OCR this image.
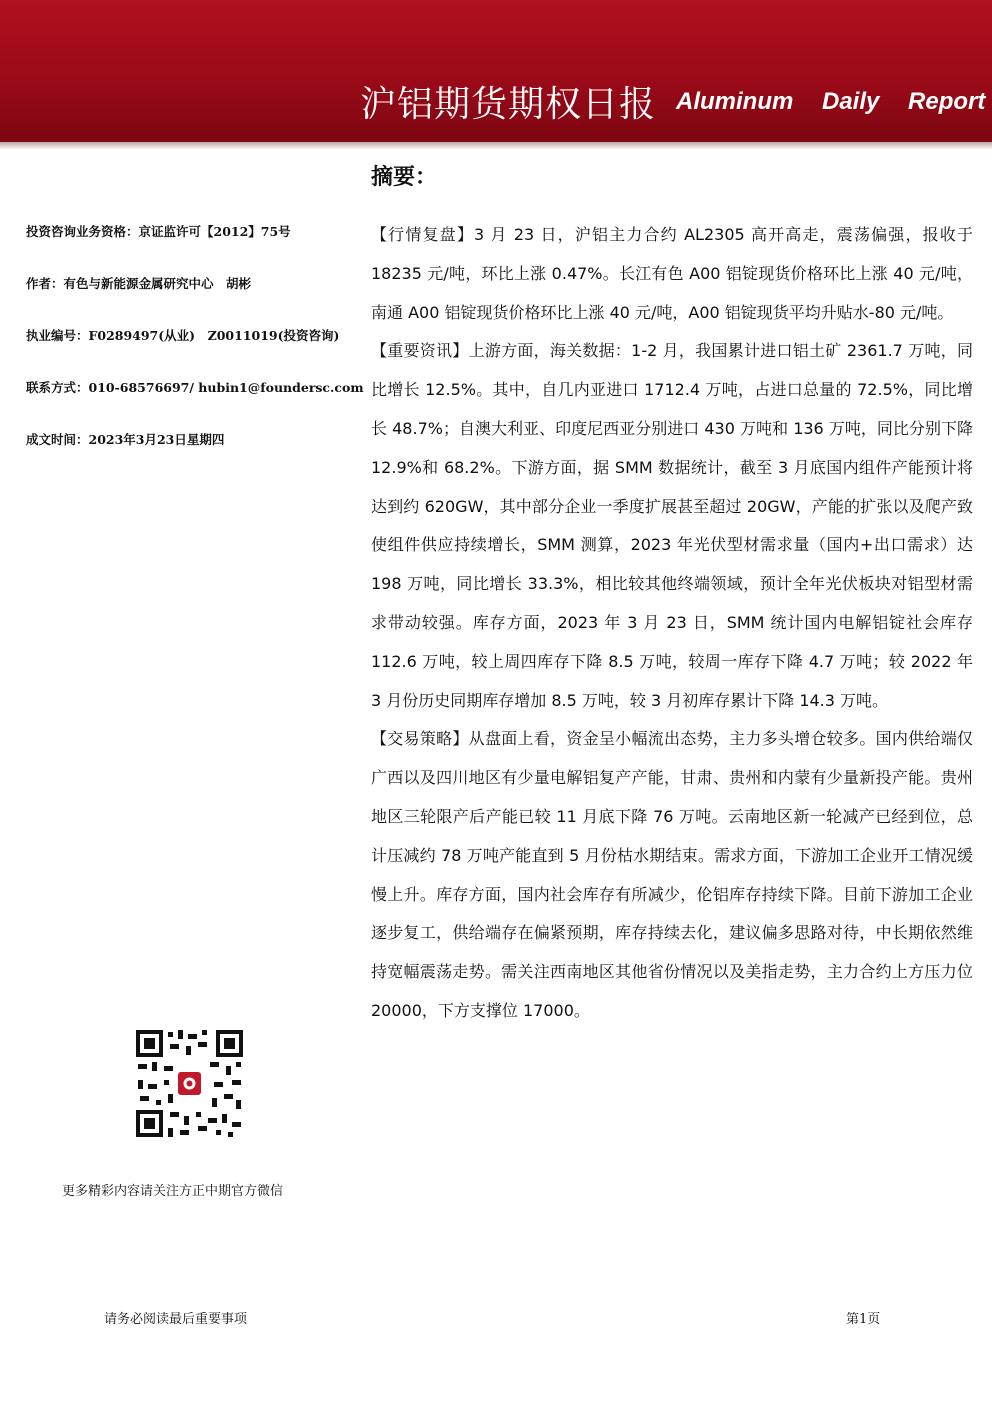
沪铝期货期权日报 Aluminum Daily Report
投资咨询业务资格：京证监许可【2012】75号
作者：有色与新能源金属研究中心　胡彬
执业编号：F0289497(从业)　Z0011019(投资咨询)
联系方式：010-68576697/ hubin1@foundersc.com
成文时间：2023年3月23日星期四
摘要：

【行情复盘】3 月 23 日，沪铝主力合约 AL2305 高开高走，震荡偏强，报收于 18235 元/吨，环比上涨 0.47%。长江有色 A00 铝锭现货价格环比上涨 40 元/吨，南通 A00 铝锭现货价格环比上涨 40 元/吨，A00 铝锭现货平均升贴水-80 元/吨。

【重要资讯】上游方面，海关数据：1-2 月，我国累计进口铝土矿 2361.7 万吨，同比增长 12.5%。其中，自几内亚进口 1712.4 万吨，占进口总量的 72.5%，同比增长 48.7%；自澳大利亚、印度尼西亚分别进口 430 万吨和 136 万吨，同比分别下降 12.9%和 68.2%。下游方面，据 SMM 数据统计，截至 3 月底国内组件产能预计将达到约 620GW，其中部分企业一季度扩展甚至超过 20GW，产能的扩张以及爬产致使组件供应持续增长，SMM 测算，2023 年光伏型材需求量（国内+出口需求）达 198 万吨，同比增长 33.3%，相比较其他终端领域，预计全年光伏板块对铝型材需求带动较强。库存方面，2023 年 3 月 23 日，SMM 统计国内电解铝锭社会库存 112.6 万吨，较上周四库存下降 8.5 万吨，较周一库存下降 4.7 万吨；较 2022 年 3 月份历史同期库存增加 8.5 万吨，较 3 月初库存累计下降 14.3 万吨。

【交易策略】从盘面上看，资金呈小幅流出态势，主力多头增仓较多。国内供给端仅广西以及四川地区有少量电解铝复产产能，甘肃、贵州和内蒙有少量新投产能。贵州地区三轮限产后产能已较 11 月底下降 76 万吨。云南地区新一轮减产已经到位，总计压减约 78 万吨产能直到 5 月份枯水期结束。需求方面，下游加工企业开工情况缓慢上升。库存方面，国内社会库存有所减少，伦铝库存持续下降。目前下游加工企业逐步复工，供给端存在偏紧预期，库存持续去化，建议偏多思路对待，中长期依然维持宽幅震荡走势。需关注西南地区其他省份情况以及美指走势，主力合约上方压力位 20000，下方支撑位 17000。

更多精彩内容请关注方正中期官方微信
请务必阅读最后重要事项	第1页
